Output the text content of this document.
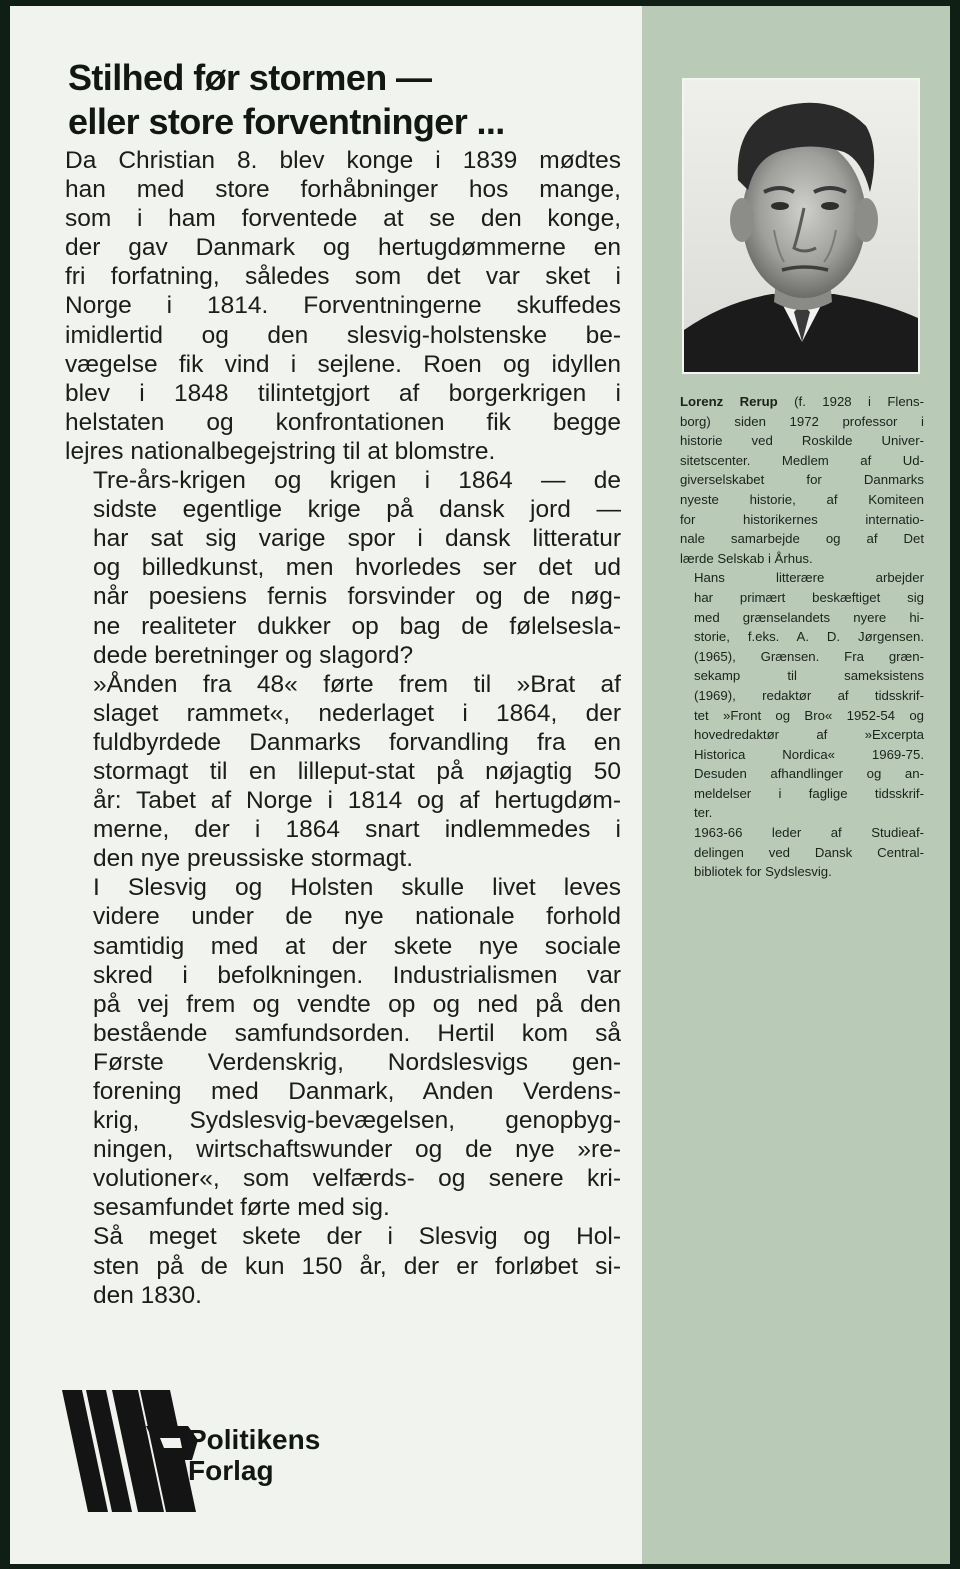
Stilhed før stormen —
eller store forventninger ...

Da Christian 8. blev konge i 1839 mødtes
han med store forhåbninger hos mange,
som i ham forventede at se den konge,
der gav Danmark og hertugdømmerne en
fri forfatning, således som det var sket i
Norge i 1814. Forventningerne skuffedes
imidlertid og den slesvig-holstenske be-
vægelse fik vind i sejlene. Roen og idyllen
blev i 1848 tilintetgjort af borgerkrigen i
helstaten og konfrontationen fik begge
lejres nationalbegejstring til at blomstre.

Tre-års-krigen og krigen i 1864 — de
sidste egentlige krige på dansk jord —
har sat sig varige spor i dansk litteratur
og billedkunst, men hvorledes ser det ud
når poesiens fernis forsvinder og de nøg-
ne realiteter dukker op bag de følelsesla-
dede beretninger og slagord?

»Ånden fra 48« førte frem til »Brat af
slaget rammet«, nederlaget i 1864, der
fuldbyrdede Danmarks forvandling fra en
stormagt til en lilleput-stat på nøjagtig 50
år: Tabet af Norge i 1814 og af hertugdøm-
merne, der i 1864 snart indlemmedes i
den nye preussiske stormagt.

I Slesvig og Holsten skulle livet leves
videre under de nye nationale forhold
samtidig med at der skete nye sociale
skred i befolkningen. Industrialismen var
på vej frem og vendte op og ned på den
bestående samfundsorden. Hertil kom så
Første Verdenskrig, Nordslesvigs gen-
forening med Danmark, Anden Verdens-
krig, Sydslesvig-bevægelsen, genopbyg-
ningen, wirtschaftswunder og de nye »re-
volutioner«, som velfærds- og senere kri-
sesamfundet førte med sig.

Så meget skete der i Slesvig og Hol-
sten på de kun 150 år, der er forløbet si-
den 1830.

Lorenz Rerup (f. 1928 i Flens-
borg) siden 1972 professor i
historie ved Roskilde Univer-
sitetscenter. Medlem af Ud-
giverselskabet for Danmarks
nyeste historie, af Komiteen
for historikernes internatio-
nale samarbejde og af Det
lærde Selskab i Århus.

Hans litterære arbejder
har primært beskæftiget sig
med grænselandets nyere hi-
storie, f.eks. A. D. Jørgensen.
(1965), Grænsen. Fra græn-
sekamp til sameksistens
(1969), redaktør af tidsskrif-
tet »Front og Bro« 1952-54 og
hovedredaktør af »Excerpta
Historica Nordica« 1969-75.
Desuden afhandlinger og an-
meldelser i faglige tidsskrif-
ter.

1963-66 leder af Studieaf-
delingen ved Dansk Central-
bibliotek for Sydslesvig.

Politikens
Forlag
